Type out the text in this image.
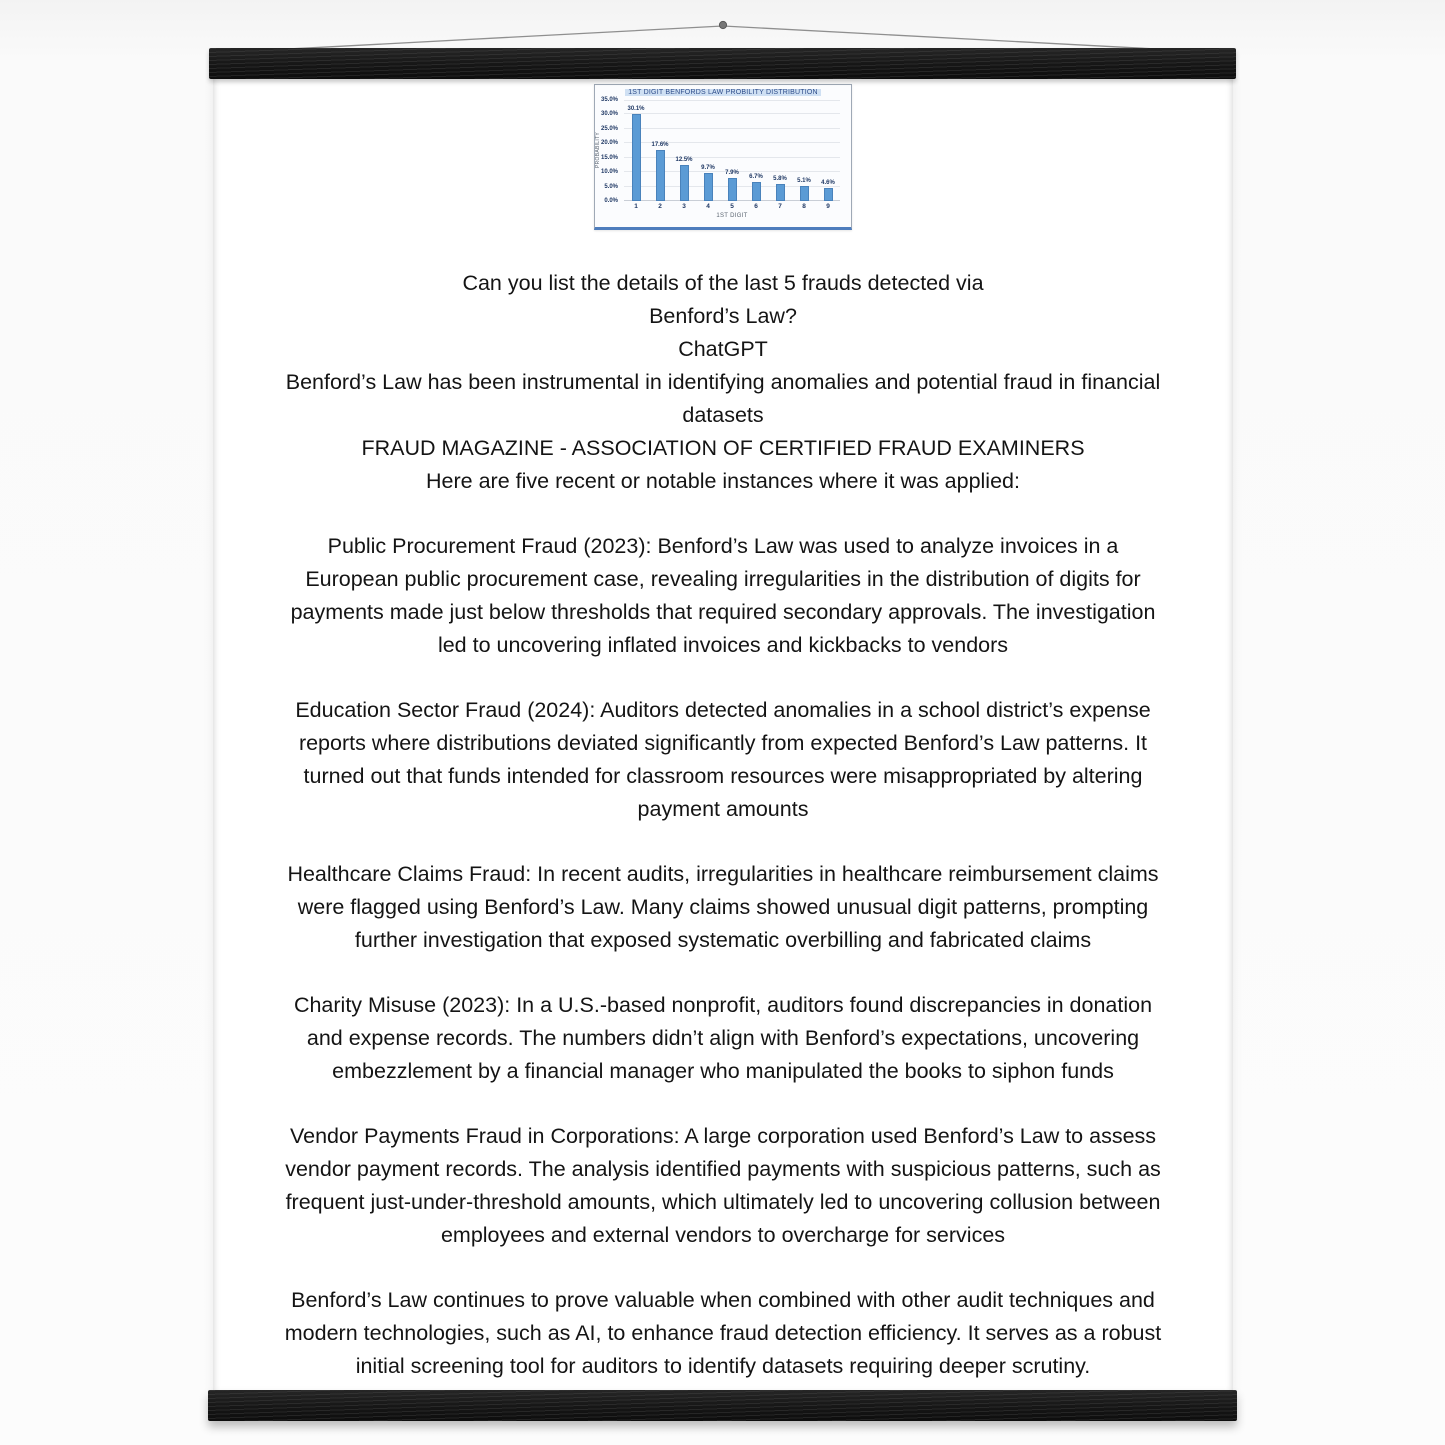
1ST DIGIT BENFORDS LAW PROBILITY DISTRIBUTION
PROBABILITY
0.0%
5.0%
10.0%
15.0%
20.0%
25.0%
30.0%
35.0%
30.1%
17.6%
12.5%
9.7%
7.9%
6.7%	5.8%	5.1%	4.6%
1	2	3	4	5	6	7	8	9
1ST DIGIT
Can you list the details of the last 5 frauds detected via
Benford’s Law?
ChatGPT
Benford’s Law has been instrumental in identifying anomalies and potential fraud in financial
datasets
FRAUD MAGAZINE - ASSOCIATION OF CERTIFIED FRAUD EXAMINERS
Here are five recent or notable instances where it was applied:
Public Procurement Fraud (2023): Benford’s Law was used to analyze invoices in a
European public procurement case, revealing irregularities in the distribution of digits for
payments made just below thresholds that required secondary approvals. The investigation
led to uncovering inflated invoices and kickbacks to vendors
Education Sector Fraud (2024): Auditors detected anomalies in a school district’s expense
reports where distributions deviated significantly from expected Benford’s Law patterns. It
turned out that funds intended for classroom resources were misappropriated by altering
payment amounts
Healthcare Claims Fraud: In recent audits, irregularities in healthcare reimbursement claims
were flagged using Benford’s Law. Many claims showed unusual digit patterns, prompting
further investigation that exposed systematic overbilling and fabricated claims
Charity Misuse (2023): In a U.S.-based nonprofit, auditors found discrepancies in donation
and expense records. The numbers didn’t align with Benford’s expectations, uncovering
embezzlement by a financial manager who manipulated the books to siphon funds
Vendor Payments Fraud in Corporations: A large corporation used Benford’s Law to assess
vendor payment records. The analysis identified payments with suspicious patterns, such as
frequent just-under-threshold amounts, which ultimately led to uncovering collusion between
employees and external vendors to overcharge for services
Benford’s Law continues to prove valuable when combined with other audit techniques and
modern technologies, such as AI, to enhance fraud detection efficiency. It serves as a robust
initial screening tool for auditors to identify datasets requiring deeper scrutiny.
